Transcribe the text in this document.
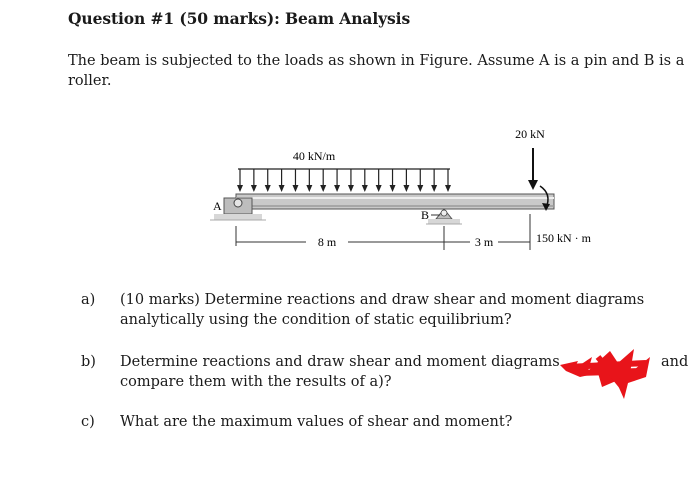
Question #1 (50 marks): Beam Analysis
The beam is subjected to the loads as shown in Figure. Assume A is a pin and B is a roller.
40 kN/m
A
B
20 kN
150 kN · m
8 m	3 m
a) (10 marks) Determine reactions and draw shear and moment diagrams
analytically using the condition of static equilibrium?
b) Determine reactions and draw shear and moment diagrams	and
compare them with the results of a)?
c) What are the maximum values of shear and moment?
